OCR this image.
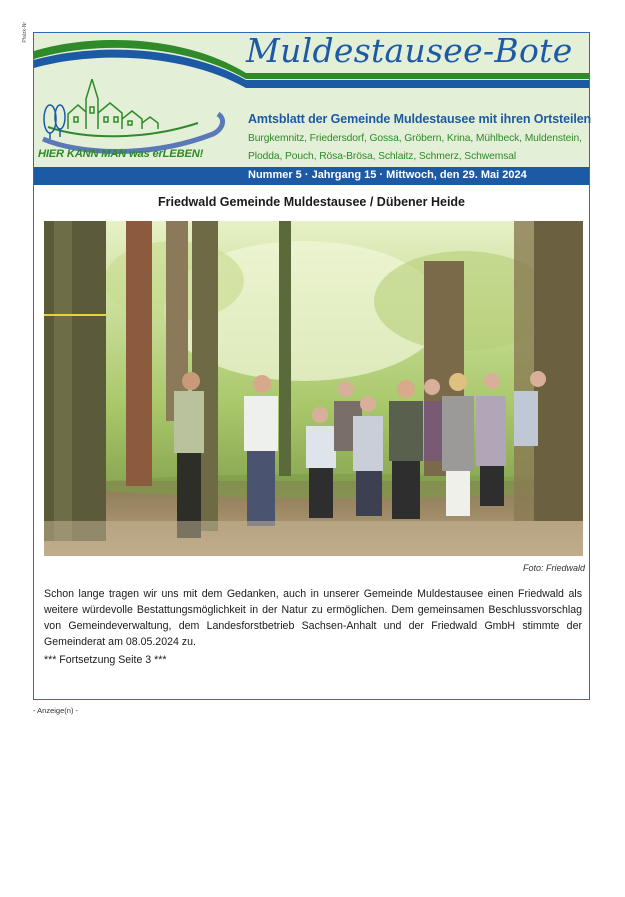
Pfalzk-Nr	Muldestausee-Bote
HIER KANN MAN was erLEBEN!
Amtsblatt der Gemeinde Muldestausee mit ihren Ortsteilen
Burgkemnitz, Friedersdorf, Gossa, Gröbern, Krina, Mühlbeck, Muldenstein, Plodda, Pouch, Rösa-Brösa, Schlaitz, Schmerz, Schwemsal
Nummer 5 · Jahrgang 15 · Mittwoch, den 29. Mai 2024
Friedwald Gemeinde Muldestausee / Dübener Heide
Foto: Friedwald
Schon lange tragen wir uns mit dem Gedanken, auch in unserer Gemeinde Muldestausee einen Friedwald als weitere würdevolle Bestattungsmöglichkeit in der Natur zu ermöglichen. Dem gemeinsamen Beschlussvorschlag von Gemeindeverwaltung, dem Landesforstbetrieb Sachsen-Anhalt und der Friedwald GmbH stimmte der Gemeinderat am 08.05.2024 zu.
*** Fortsetzung Seite 3 ***
- Anzeige(n) -
